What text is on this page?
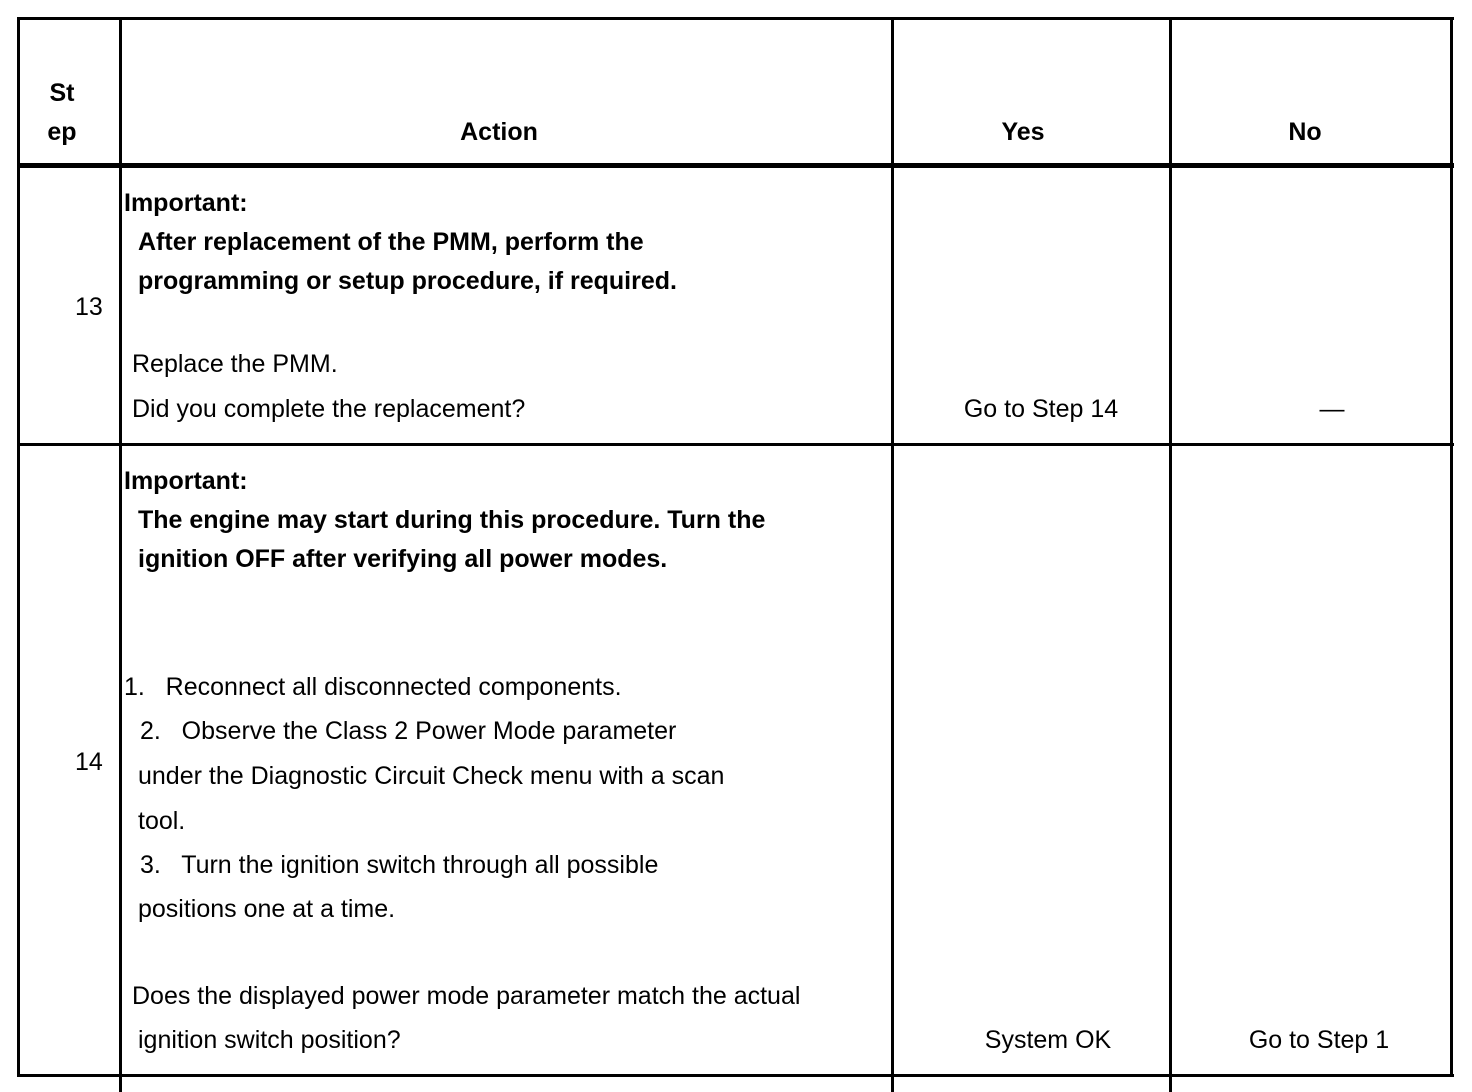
St
ep	Action	Yes	No
13
Important:
After replacement of the PMM, perform the
programming or setup procedure, if required.
Replace the PMM.
Did you complete the replacement?	Go to Step 14	—
14
Important:
The engine may start during this procedure. Turn the
ignition OFF after verifying all power modes.
1.   Reconnect all disconnected components.
2.   Observe the Class 2 Power Mode parameter
under the Diagnostic Circuit Check menu with a scan
tool.
3.   Turn the ignition switch through all possible
positions one at a time.
Does the displayed power mode parameter match the actual
ignition switch position?	System OK	Go to Step 1
